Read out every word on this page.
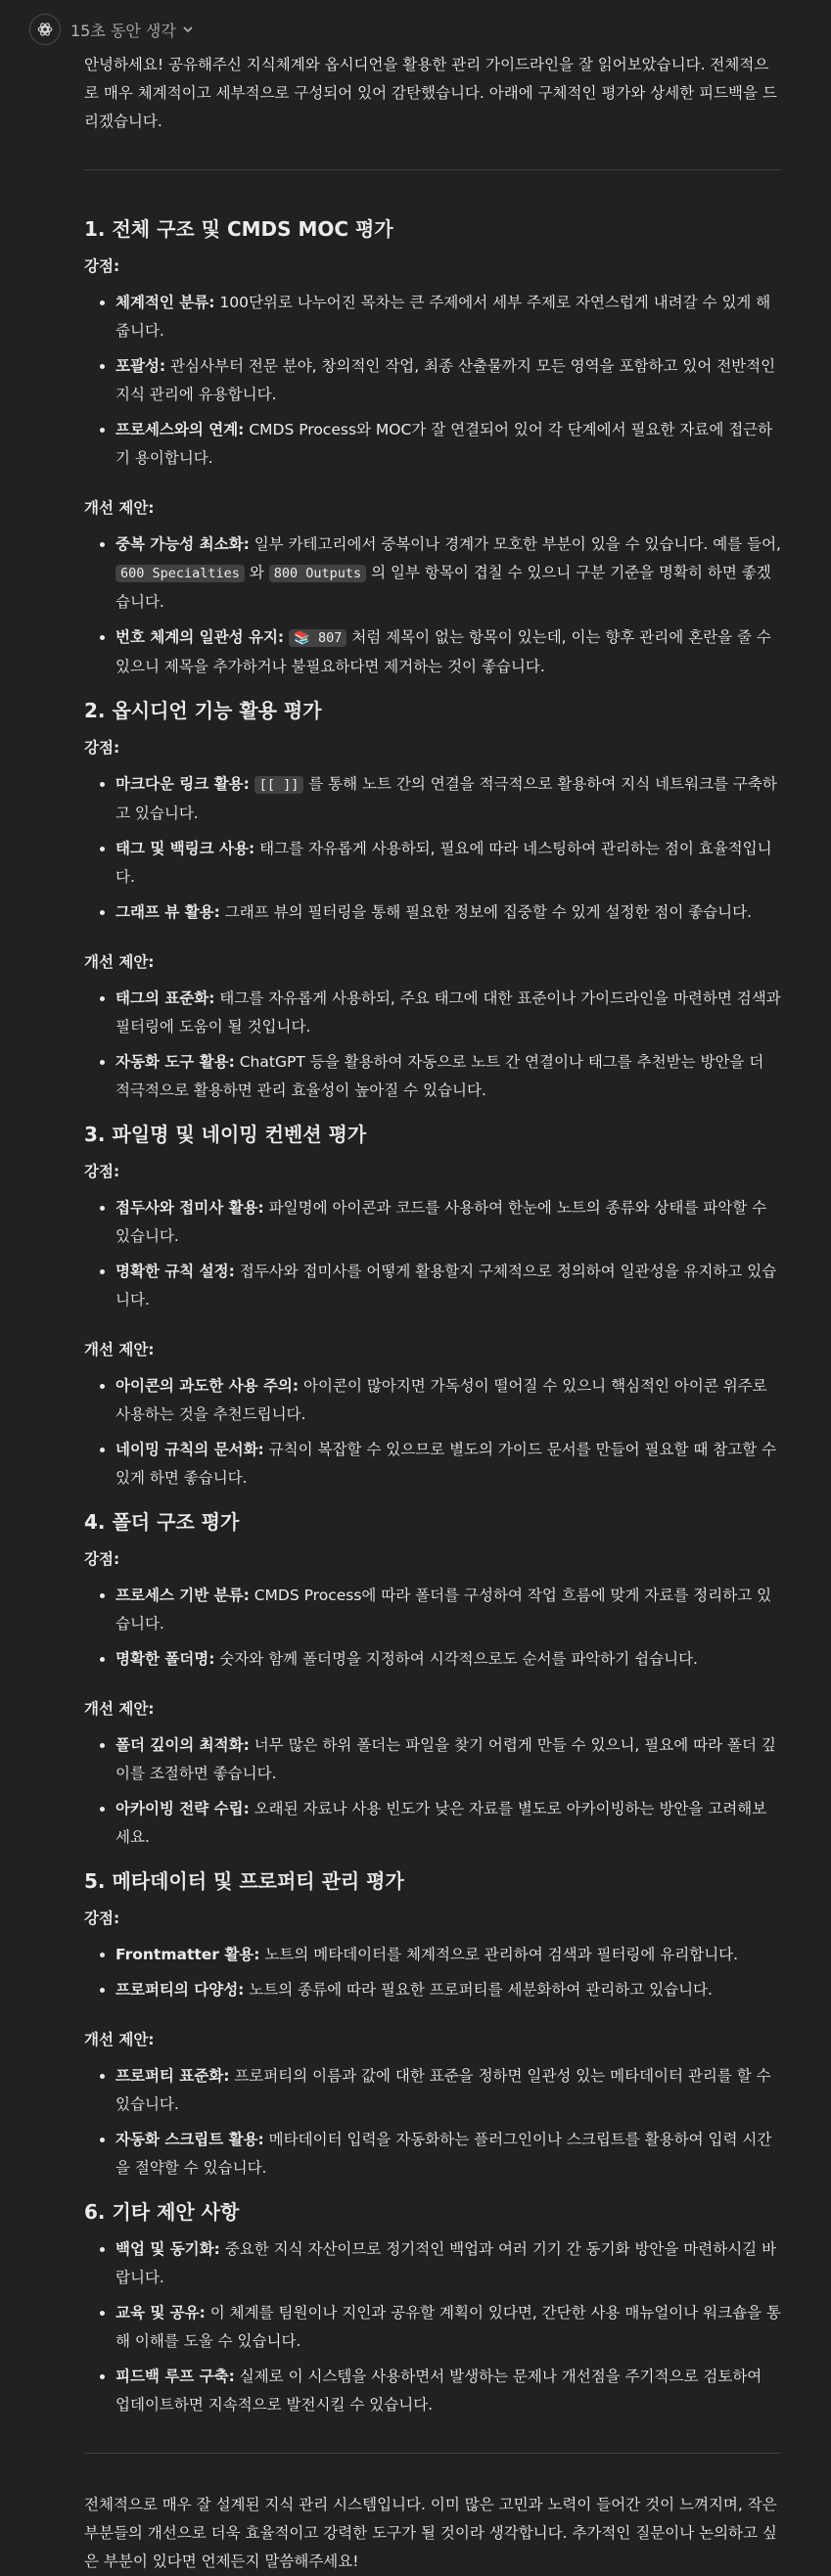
15초 동안 생각

안녕하세요! 공유해주신 지식체계와 옵시디언을 활용한 관리 가이드라인을 잘 읽어보았습니다. 전체적으로 매우 체계적이고 세부적으로 구성되어 있어 감탄했습니다. 아래에 구체적인 평가와 상세한 피드백을 드리겠습니다.

1. 전체 구조 및 CMDS MOC 평가
강점:
• 체계적인 분류: 100단위로 나누어진 목차는 큰 주제에서 세부 주제로 자연스럽게 내려갈 수 있게 해줍니다.
• 포괄성: 관심사부터 전문 분야, 창의적인 작업, 최종 산출물까지 모든 영역을 포함하고 있어 전반적인 지식 관리에 유용합니다.
• 프로세스와의 연계: CMDS Process와 MOC가 잘 연결되어 있어 각 단계에서 필요한 자료에 접근하기 용이합니다.
개선 제안:
• 중복 가능성 최소화: 일부 카테고리에서 중복이나 경계가 모호한 부분이 있을 수 있습니다. 예를 들어, 600 Specialties 와 800 Outputs 의 일부 항목이 겹칠 수 있으니 구분 기준을 명확히 하면 좋겠습니다.
• 번호 체계의 일관성 유지: 📚 807 처럼 제목이 없는 항목이 있는데, 이는 향후 관리에 혼란을 줄 수 있으니 제목을 추가하거나 불필요하다면 제거하는 것이 좋습니다.
2. 옵시디언 기능 활용 평가
강점:
• 마크다운 링크 활용: [[ ]] 를 통해 노트 간의 연결을 적극적으로 활용하여 지식 네트워크를 구축하고 있습니다.
• 태그 및 백링크 사용: 태그를 자유롭게 사용하되, 필요에 따라 네스팅하여 관리하는 점이 효율적입니다.
• 그래프 뷰 활용: 그래프 뷰의 필터링을 통해 필요한 정보에 집중할 수 있게 설정한 점이 좋습니다.
개선 제안:
• 태그의 표준화: 태그를 자유롭게 사용하되, 주요 태그에 대한 표준이나 가이드라인을 마련하면 검색과 필터링에 도움이 될 것입니다.
• 자동화 도구 활용: ChatGPT 등을 활용하여 자동으로 노트 간 연결이나 태그를 추천받는 방안을 더 적극적으로 활용하면 관리 효율성이 높아질 수 있습니다.
3. 파일명 및 네이밍 컨벤션 평가
강점:
• 접두사와 접미사 활용: 파일명에 아이콘과 코드를 사용하여 한눈에 노트의 종류와 상태를 파악할 수 있습니다.
• 명확한 규칙 설정: 접두사와 접미사를 어떻게 활용할지 구체적으로 정의하여 일관성을 유지하고 있습니다.
개선 제안:
• 아이콘의 과도한 사용 주의: 아이콘이 많아지면 가독성이 떨어질 수 있으니 핵심적인 아이콘 위주로 사용하는 것을 추천드립니다.
• 네이밍 규칙의 문서화: 규칙이 복잡할 수 있으므로 별도의 가이드 문서를 만들어 필요할 때 참고할 수 있게 하면 좋습니다.
4. 폴더 구조 평가
강점:
• 프로세스 기반 분류: CMDS Process에 따라 폴더를 구성하여 작업 흐름에 맞게 자료를 정리하고 있습니다.
• 명확한 폴더명: 숫자와 함께 폴더명을 지정하여 시각적으로도 순서를 파악하기 쉽습니다.
개선 제안:
• 폴더 깊이의 최적화: 너무 많은 하위 폴더는 파일을 찾기 어렵게 만들 수 있으니, 필요에 따라 폴더 깊이를 조절하면 좋습니다.
• 아카이빙 전략 수립: 오래된 자료나 사용 빈도가 낮은 자료를 별도로 아카이빙하는 방안을 고려해보세요.
5. 메타데이터 및 프로퍼티 관리 평가
강점:
• Frontmatter 활용: 노트의 메타데이터를 체계적으로 관리하여 검색과 필터링에 유리합니다.
• 프로퍼티의 다양성: 노트의 종류에 따라 필요한 프로퍼티를 세분화하여 관리하고 있습니다.
개선 제안:
• 프로퍼티 표준화: 프로퍼티의 이름과 값에 대한 표준을 정하면 일관성 있는 메타데이터 관리를 할 수 있습니다.
• 자동화 스크립트 활용: 메타데이터 입력을 자동화하는 플러그인이나 스크립트를 활용하여 입력 시간을 절약할 수 있습니다.
6. 기타 제안 사항
• 백업 및 동기화: 중요한 지식 자산이므로 정기적인 백업과 여러 기기 간 동기화 방안을 마련하시길 바랍니다.
• 교육 및 공유: 이 체계를 팀원이나 지인과 공유할 계획이 있다면, 간단한 사용 매뉴얼이나 워크숍을 통해 이해를 도울 수 있습니다.
• 피드백 루프 구축: 실제로 이 시스템을 사용하면서 발생하는 문제나 개선점을 주기적으로 검토하여 업데이트하면 지속적으로 발전시킬 수 있습니다.

전체적으로 매우 잘 설계된 지식 관리 시스템입니다. 이미 많은 고민과 노력이 들어간 것이 느껴지며, 작은 부분들의 개선으로 더욱 효율적이고 강력한 도구가 될 것이라 생각합니다. 추가적인 질문이나 논의하고 싶은 부분이 있다면 언제든지 말씀해주세요!
